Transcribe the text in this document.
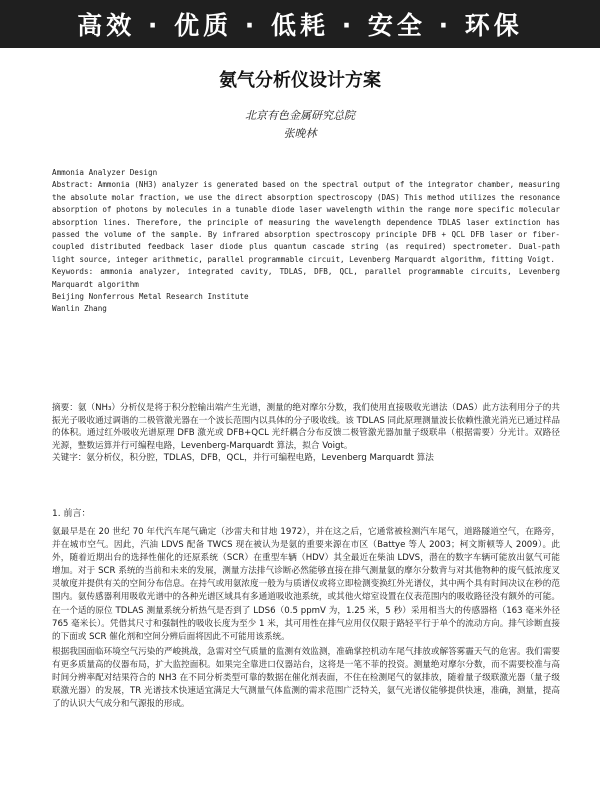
高效 · 优质 · 低耗 · 安全 · 环保
氨气分析仪设计方案
北京有色金属研究总院
张晚林

Ammonia Analyzer Design

Abstract: Ammonia (NH3) analyzer is generated based on the spectral output of the integrator chamber, measuring the absolute molar fraction, we use the direct absorption spectroscopy (DAS) This method utilizes the resonance absorption of photons by molecules in a tunable diode laser wavelength within the range more specific molecular absorption lines. Therefore, the principle of measuring the wavelength dependence TDLAS laser extinction has passed the volume of the sample. By infrared absorption spectroscopy principle DFB + QCL DFB laser or fiber-coupled distributed feedback laser diode plus quantum cascade string (as required) spectrometer. Dual-path light source, integer arithmetic, parallel programmable circuit, Levenberg Marquardt algorithm, fitting Voigt.

Keywords: ammonia analyzer, integrated cavity, TDLAS, DFB, QCL, parallel programmable circuits, Levenberg Marquardt algorithm

Beijing Nonferrous Metal Research Institute

Wanlin Zhang

摘要：氨（NH₃）分析仪是将于积分腔输出端产生光谱，测量的绝对摩尔分数，我们使用直接吸收光谱法（DAS）此方法利用分子的共振光子吸收通过调谐的二极管激光器在一个波长范围内以具体的分子吸收线。该 TDLAS 同此原理测量波长依赖性激光消光已通过样品的体积。通过红外吸收光谱原理 DFB 激光或 DFB+QCL 光纤耦合分布反馈二极管激光器加量子级联串（根据需要）分光计。双路径光源，整数运算并行可编程电路，Levenberg-Marquardt 算法，拟合 Voigt。

关键字：氨分析仪，积分腔，TDLAS，DFB，QCL，并行可编程电路，Levenberg Marquardt 算法

1. 前言：

氨最早是在 20 世纪 70 年代汽车尾气确定（沙雷夫和甘地 1972），并在这之后，它通常被检测汽车尾气，道路隧道空气，在路旁，并在城市空气。因此，汽油 LDVS 配备 TWCS 现在被认为是氨的重要来源在市区（Battye 等人 2003；柯文斯顿等人 2009）。此外，随着近期出台的选择性催化的还原系统（SCR）在重型车辆（HDV）其全最近在柴油 LDVS，潜在的数字车辆可能放出氨气可能增加。对于 SCR 系统的当前和未来的发展，测量方法排气诊断必然能够直接在排气测量氨的摩尔分数背与对其他物种的废气低浓度叉灵敏度并提供有关的空间分布信息。在持气或用氨浓度一般为与质谱仪或将立即检测变换红外光谱仪，其中两个具有时间决议在秒的范围内。氨传感器利用吸收光谱中的各种光谱区域具有多通道吸收池系统，或其他火熔室设置在仪表范围内的吸收路径没有额外的可能。在一个适的原位 TDLAS 测量系统分析热气是否到了 LDS6（0.5 ppmV 为，1.25 米，5 秒）采用相当大的传感器格（163 毫米外径 765 毫米长）。凭借其尺寸和强制性的吸收长度为至少 1 米，其可用性在排气应用仅仅限于路轻平行于单个的流动方向。排气诊断直接的下面或 SCR 催化剂和空间分辨后面将因此不可能用该系统。

根据我国面临环境空气污染的严峻挑战，急需对空气质量的监测有效监测，准确掌控机动车尾气排放或解答雾霾天气的危害。我们需要有更多质量高的仪器布局，扩大监控面积。如果完全靠进口仪器站台，这将是一笔不菲的投资。测量绝对摩尔分数，而不需要校准与高时间分辨率配对结果符合的 NH3 在不同分析类型可靠的数据在催化剂表面，不住在检测尾气的氨排放，随着量子级联激光器（量子级联激光器）的发展，TR 光谱技术快速适宜满足大气测量气体监测的需求范围广泛特关，氨气光谱仪能够提供快速，准确，测量，提高了的认识大气成分和气源报的形成。
